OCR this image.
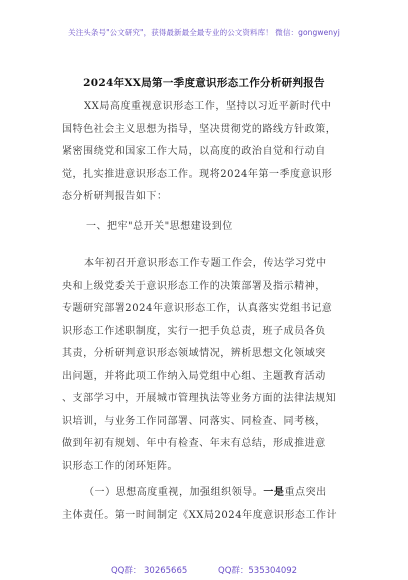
关注头条号"公文研究"，获得最新最全最专业的公文资料库！ 微信：gongwenyj
2024年XX局第一季度意识形态工作分析研判报告
XX局高度重视意识形态工作，坚持以习近平新时代中
国特色社会主义思想为指导，坚决贯彻党的路线方针政策，
紧密围绕党和国家工作大局，以高度的政治自觉和行动自
觉，扎实推进意识形态工作。现将2024年第一季度意识形
态分析研判报告如下：
一、把牢"总开关"思想建设到位
本年初召开意识形态工作专题工作会，传达学习党中
央和上级党委关于意识形态工作的决策部署及指示精神，
专题研究部署2024年意识形态工作，认真落实党组书记意
识形态工作述职制度，实行一把手负总责，班子成员各负
其责，分析研判意识形态领域情况，辨析思想文化领域突
出问题，并将此项工作纳入局党组中心组、主题教育活动
、支部学习中，开展城市管理执法等业务方面的法律法规知
识培训，与业务工作同部署、同落实、同检查、同考核，
做到年初有规划、年中有检查、年末有总结，形成推进意
识形态工作的闭环矩阵。
（一）思想高度重视，加强组织领导。一是重点突出
主体责任。第一时间制定《XX局2024年度意识形态工作计
QQ群： 30265665	QQ群：535304092
